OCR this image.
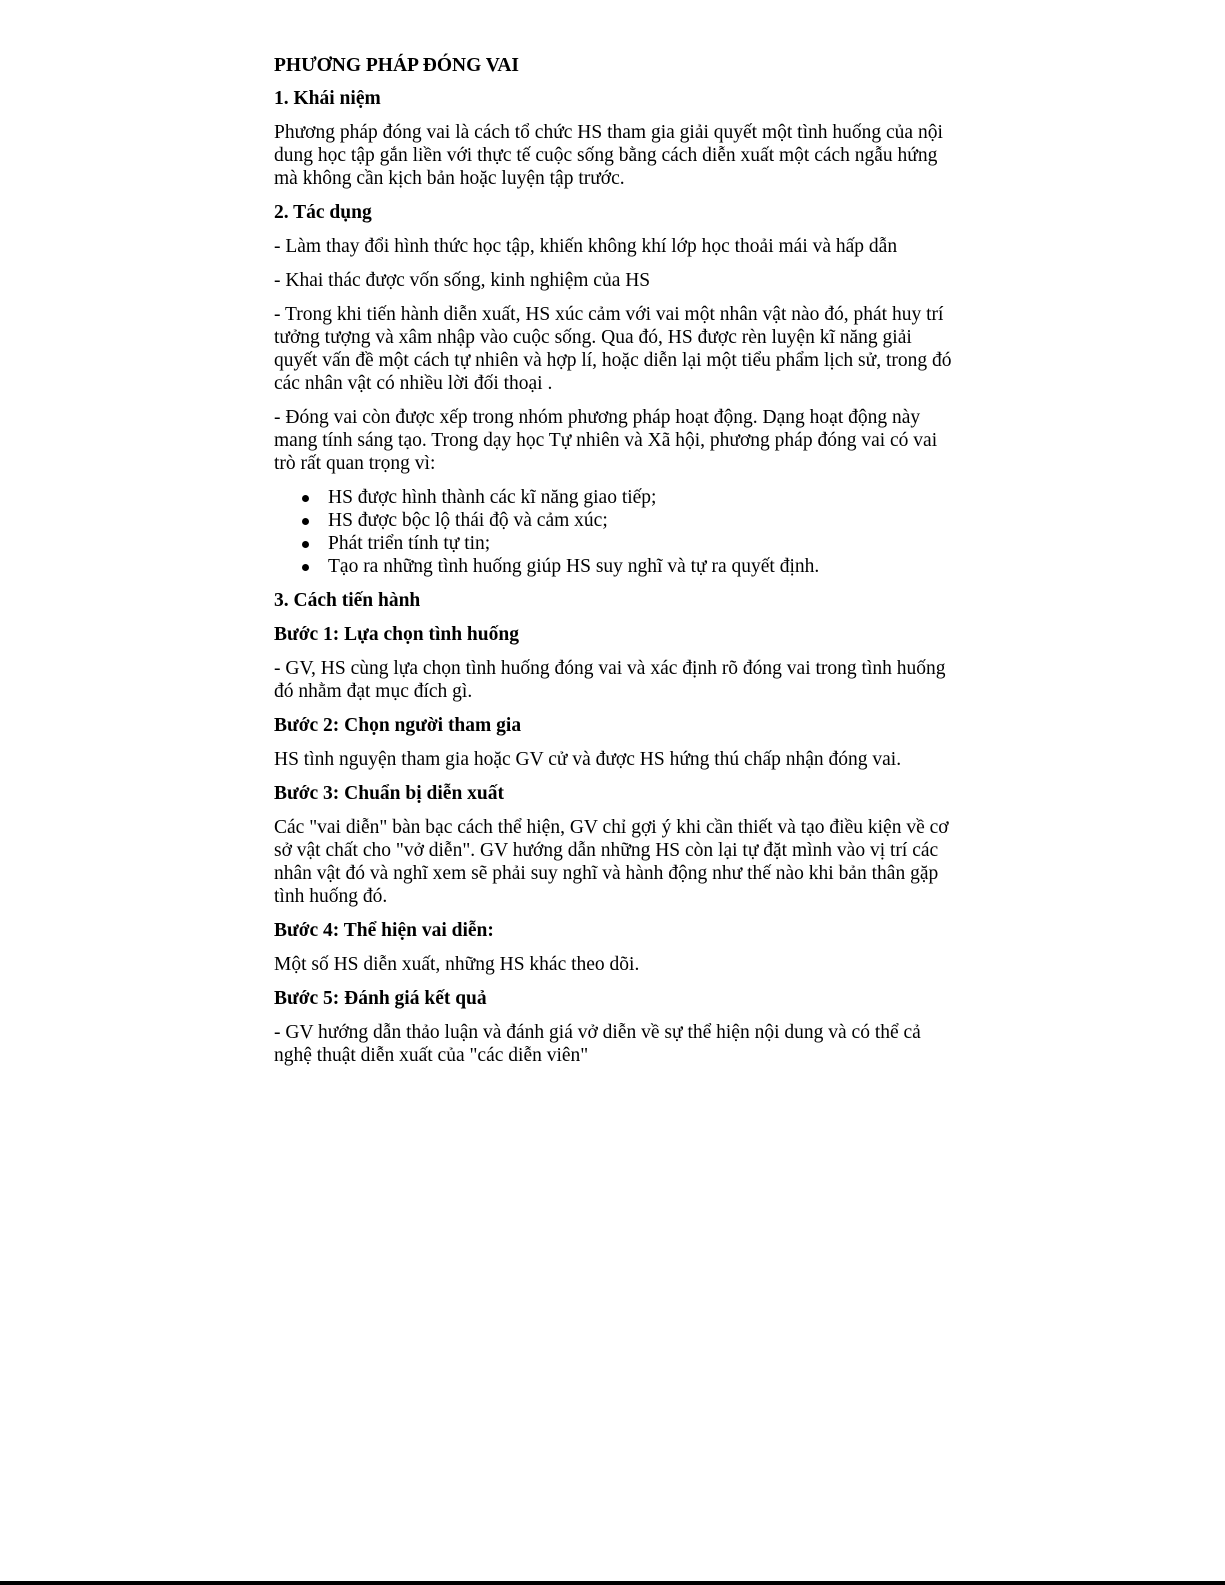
PHƯƠNG PHÁP ĐÓNG VAI
1. Khái niệm

Phương pháp đóng vai là cách tổ chức HS tham gia giải quyết một tình huống của nội dung học tập gắn liền với thực tế cuộc sống bằng cách diễn xuất một cách ngẫu hứng mà không cần kịch bản hoặc luyện tập trước.

2. Tác dụng

- Làm thay đổi hình thức học tập, khiến không khí lớp học thoải mái và hấp dẫn

- Khai thác được vốn sống, kinh nghiệm của HS

- Trong khi tiến hành diễn xuất, HS xúc cảm với vai một nhân vật nào đó, phát huy trí tưởng tượng và xâm nhập vào cuộc sống. Qua đó, HS được rèn luyện kĩ năng giải quyết vấn đề một cách tự nhiên và hợp lí, hoặc diễn lại một tiểu phẩm lịch sử, trong đó các nhân vật có nhiều lời đối thoại .

- Đóng vai còn được xếp trong nhóm phương pháp hoạt động. Dạng hoạt động này mang tính sáng tạo. Trong dạy học Tự nhiên và Xã hội, phương pháp đóng vai có vai trò rất quan trọng vì:

HS được hình thành các kĩ năng giao tiếp;
HS được bộc lộ thái độ và cảm xúc;
Phát triển tính tự tin;
Tạo ra những tình huống giúp HS suy nghĩ và tự ra quyết định.
3. Cách tiến hành
Bước 1: Lựa chọn tình huống

- GV, HS cùng lựa chọn tình huống đóng vai và xác định rõ đóng vai trong tình huống đó nhằm đạt mục đích gì.

Bước 2: Chọn người tham gia

HS tình nguyện tham gia hoặc GV cử và được HS hứng thú chấp nhận đóng vai.

Bước 3: Chuẩn bị diễn xuất

Các "vai diễn" bàn bạc cách thể hiện, GV chỉ gợi ý khi cần thiết và tạo điều kiện về cơ sở vật chất cho "vở diễn". GV hướng dẫn những HS còn lại tự đặt mình vào vị trí các nhân vật đó và nghĩ xem sẽ phải suy nghĩ và hành động như thế nào khi bản thân gặp tình huống đó.

Bước 4: Thể hiện vai diễn:

Một số HS diễn xuất, những HS khác theo dõi.

Bước 5: Đánh giá kết quả

- GV hướng dẫn thảo luận và đánh giá vở diễn về sự thể hiện nội dung và có thể cả nghệ thuật diễn xuất của "các diễn viên"
